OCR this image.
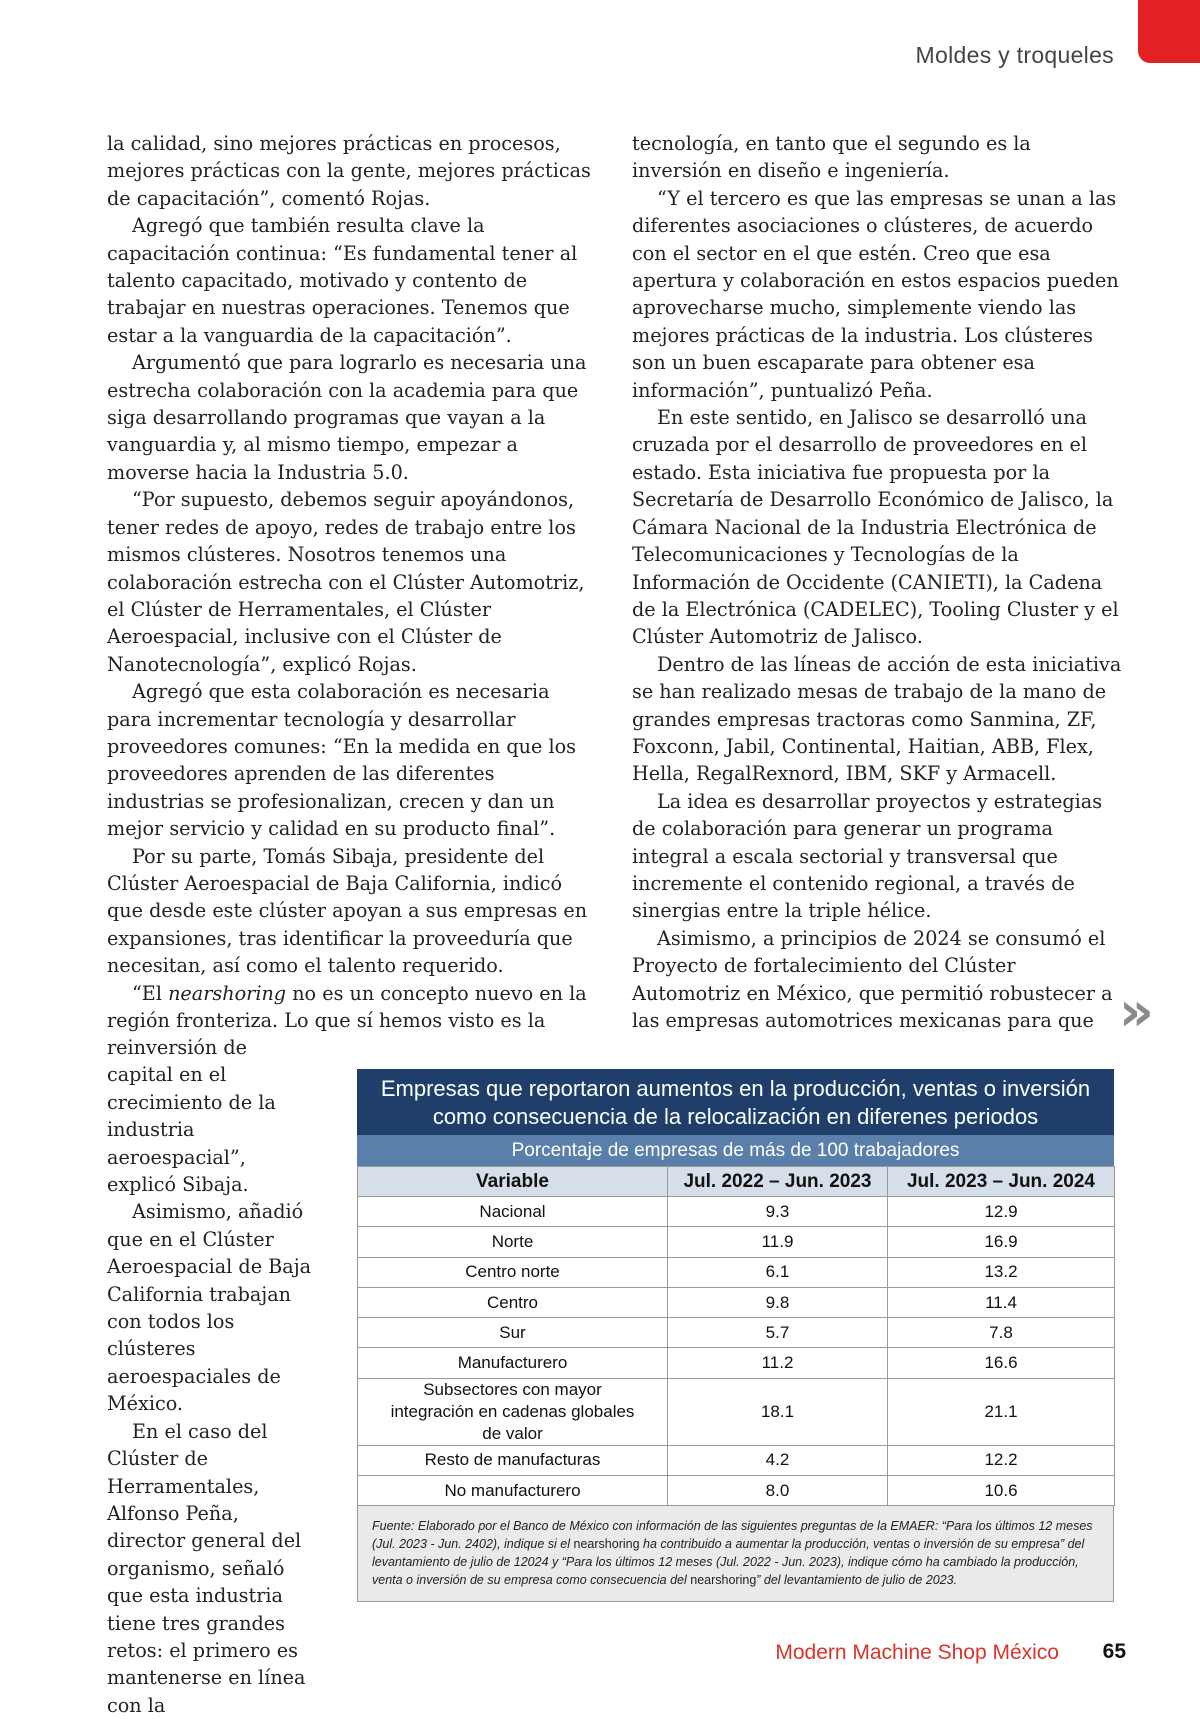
Moldes y troqueles

la calidad, sino mejores prácticas en procesos, mejores prácticas con la gente, mejores prácticas de capacitación”, comentó Rojas.

Agregó que también resulta clave la capacitación continua: “Es fundamental tener al talento capacitado, motivado y contento de trabajar en nuestras operaciones. Tenemos que estar a la vanguardia de la capacitación”.

Argumentó que para lograrlo es necesaria una estrecha colaboración con la academia para que siga desarrollando programas que vayan a la vanguardia y, al mismo tiempo, empezar a moverse hacia la Industria 5.0.

“Por supuesto, debemos seguir apoyándonos, tener redes de apoyo, redes de trabajo entre los mismos clústeres. Nosotros tenemos una colaboración estrecha con el Clúster Automotriz, el Clúster de Herramentales, el Clúster Aeroespacial, inclusive con el Clúster de Nanotecnología”, explicó Rojas.

Agregó que esta colaboración es necesaria para incrementar tecnología y desarrollar proveedores comunes: “En la medida en que los proveedores aprenden de las diferentes industrias se profesionalizan, crecen y dan un mejor servicio y calidad en su producto final”.

Por su parte, Tomás Sibaja, presidente del Clúster Aeroespacial de Baja California, indicó que desde este clúster apoyan a sus empresas en expansiones, tras identificar la proveeduría que necesitan, así como el talento requerido.

“El nearshoring no es un concepto nuevo en la región fronteriza. Lo que sí hemos visto es la

reinversión de capital en el crecimiento de la industria aeroespacial”, explicó Sibaja.

Asimismo, añadió que en el Clúster Aeroespacial de Baja California trabajan con todos los clústeres aeroespaciales de México.

En el caso del Clúster de Herramentales, Alfonso Peña, director general del organismo, señaló que esta industria tiene tres grandes retos: el primero es mantenerse en línea con la

tecnología, en tanto que el segundo es la inversión en diseño e ingeniería.

“Y el tercero es que las empresas se unan a las diferentes asociaciones o clústeres, de acuerdo con el sector en el que estén. Creo que esa apertura y colaboración en estos espacios pueden aprovecharse mucho, simplemente viendo las mejores prácticas de la industria. Los clústeres son un buen escaparate para obtener esa información”, puntualizó Peña.

En este sentido, en Jalisco se desarrolló una cruzada por el desarrollo de proveedores en el estado. Esta iniciativa fue propuesta por la Secretaría de Desarrollo Económico de Jalisco, la Cámara Nacional de la Industria Electrónica de Telecomunicaciones y Tecnologías de la Información de Occidente (CANIETI), la Cadena de la Electrónica (CADELEC), Tooling Cluster y el Clúster Automotriz de Jalisco.

Dentro de las líneas de acción de esta iniciativa se han realizado mesas de trabajo de la mano de grandes empresas tractoras como Sanmina, ZF, Foxconn, Jabil, Continental, Haitian, ABB, Flex, Hella, RegalRexnord, IBM, SKF y Armacell.

La idea es desarrollar proyectos y estrategias de colaboración para generar un programa integral a escala sectorial y transversal que incremente el contenido regional, a través de sinergias entre la triple hélice.

Asimismo, a principios de 2024 se consumó el Proyecto de fortalecimiento del Clúster Automotriz en México, que permitió robustecer a las empresas automotrices mexicanas para que »
Empresas que reportaron aumentos en la producción, ventas o inversión
como consecuencia de la relocalización en diferenes periodos
Porcentaje de empresas de más de 100 trabajadores
Variable	Jul. 2022 – Jun. 2023	Jul. 2023 – Jun. 2024
Nacional	9.3	12.9
Norte	11.9	16.9
Centro norte	6.1	13.2
Centro	9.8	11.4
Sur	5.7	7.8
Manufacturero	11.2	16.6
Subsectores con mayor integración en cadenas globales de valor	18.1	21.1
Resto de manufacturas	4.2	12.2
No manufacturero	8.0	10.6
Fuente: Elaborado por el Banco de México con información de las siguientes preguntas de la EMAER: “Para los últimos 12 meses (Jul. 2023 - Jun. 2402), indique si el nearshoring ha contribuido a aumentar la producción, ventas o inversión de su empresa” del levantamiento de julio de 12024 y “Para los últimos 12 meses (Jul. 2022 - Jun. 2023), indique cómo ha cambiado la producción, venta o inversión de su empresa como consecuencia del nearshoring” del levantamiento de julio de 2023.
Modern Machine Shop México 65
